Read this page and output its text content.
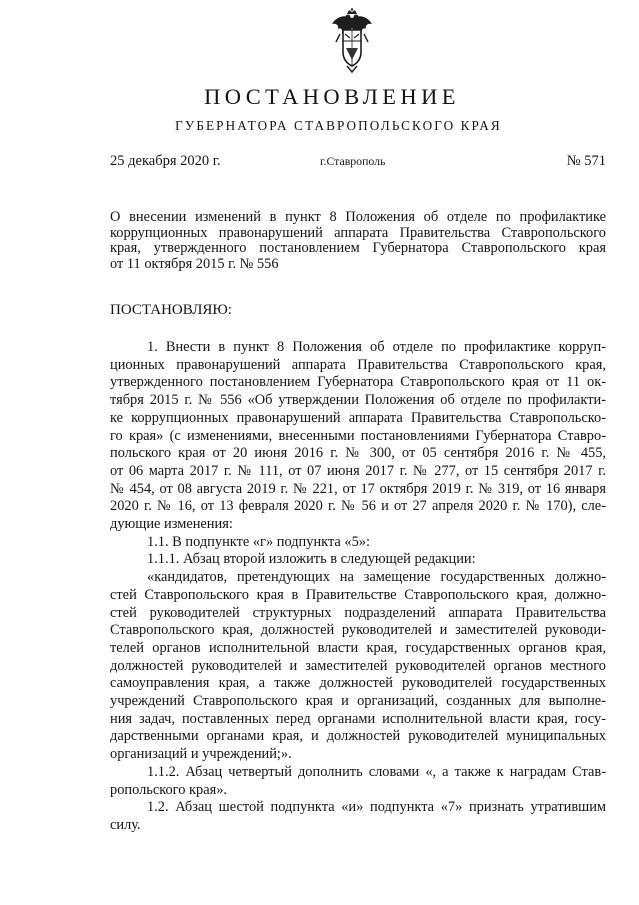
ПОСТАНОВЛЕНИЕ
ГУБЕРНАТОРА СТАВРОПОЛЬСКОГО КРАЯ
25 декабря 2020 г.	г.Ставрополь	№ 571
О внесении изменений в пункт 8 Положения об отделе по профилактике
коррупционных правонарушений аппарата Правительства Ставропольского
края, утвержденного постановлением Губернатора Ставропольского края
от 11 октября 2015 г. № 556
ПОСТАНОВЛЯЮ:
1. Внести в пункт 8 Положения об отделе по профилактике корруп-
ционных правонарушений аппарата Правительства Ставропольского края,
утвержденного постановлением Губернатора Ставропольского края от 11 ок-
тября 2015 г. № 556 «Об утверждении Положения об отделе по профилакти-
ке коррупционных правонарушений аппарата Правительства Ставропольско-
го края» (с изменениями, внесенными постановлениями Губернатора Ставро-
польского края от 20 июня 2016 г. № 300, от 05 сентября 2016 г. № 455,
от 06 марта 2017 г. № 111, от 07 июня 2017 г. № 277, от 15 сентября 2017 г.
№ 454, от 08 августа 2019 г. № 221, от 17 октября 2019 г. № 319, от 16 января
2020 г. № 16, от 13 февраля 2020 г. № 56 и от 27 апреля 2020 г. № 170), сле-
дующие изменения:
1.1. В подпункте «г» подпункта «5»:
1.1.1. Абзац второй изложить в следующей редакции:
«кандидатов, претендующих на замещение государственных должно-
стей Ставропольского края в Правительстве Ставропольского края, должно-
стей руководителей структурных подразделений аппарата Правительства
Ставропольского края, должностей руководителей и заместителей руководи-
телей органов исполнительной власти края, государственных органов края,
должностей руководителей и заместителей руководителей органов местного
самоуправления края, а также должностей руководителей государственных
учреждений Ставропольского края и организаций, созданных для выполне-
ния задач, поставленных перед органами исполнительной власти края, госу-
дарственными органами края, и должностей руководителей муниципальных
организаций и учреждений;».
1.1.2. Абзац четвертый дополнить словами «, а также к наградам Став-
ропольского края».
1.2. Абзац шестой подпункта «и» подпункта «7» признать утратившим
силу.
